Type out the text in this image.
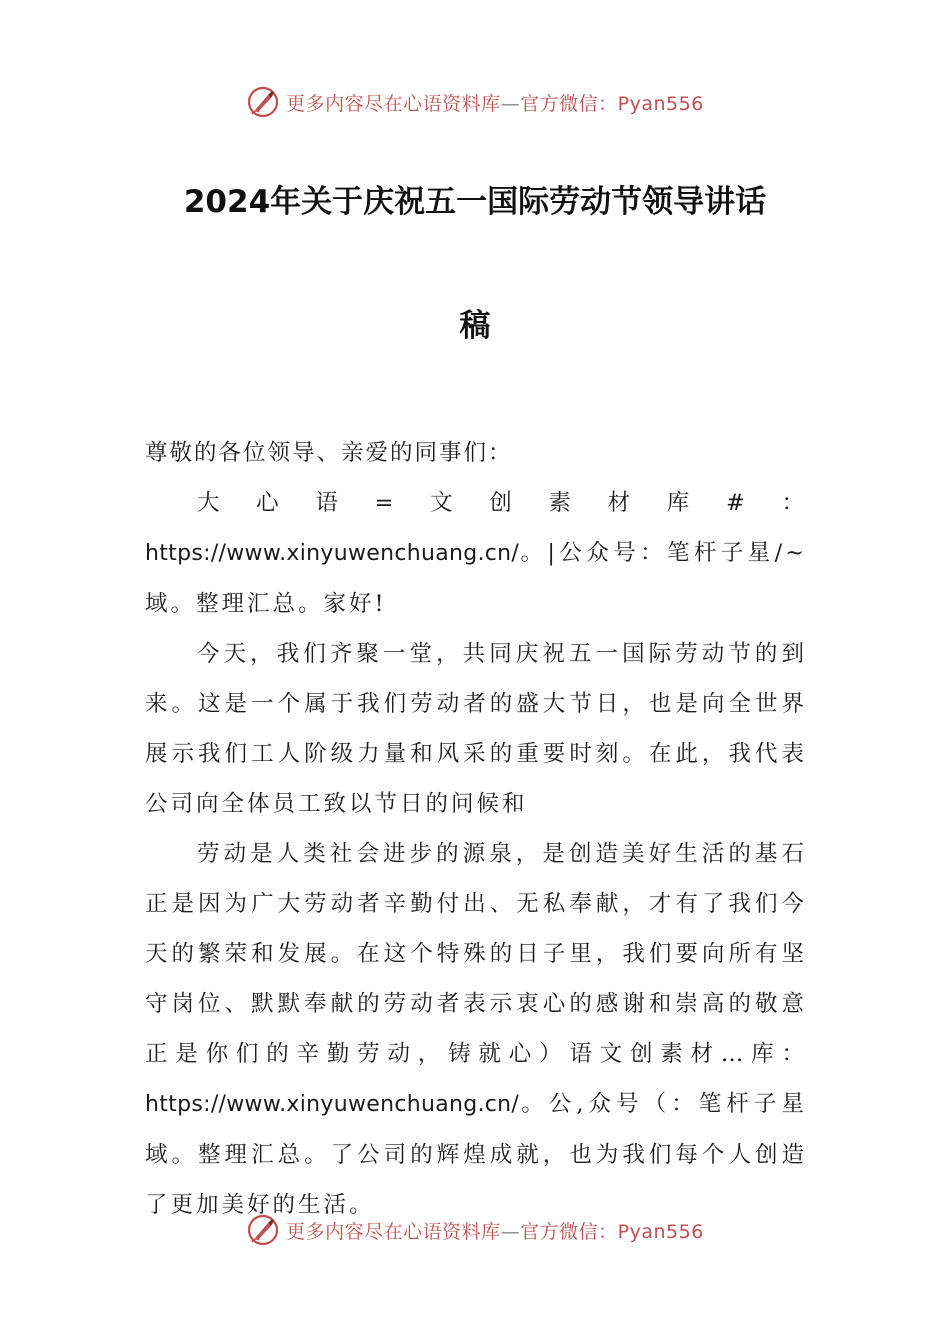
更多内容尽在心语资料库—官方微信：Pyan556
2024年关于庆祝五一国际劳动节领导讲话
稿

尊敬的各位领导、亲爱的同事们：

大心语=文创素材库#：https://www.xinyuwenchuang.cn/。|公众号：笔杆子星/~域。整理汇总。家好!

今天，我们齐聚一堂，共同庆祝五一国际劳动节的到来。这是一个属于我们劳动者的盛大节日，也是向全世界展示我们工人阶级力量和风采的重要时刻。在此，我代表公司向全体员工致以节日的问候和

劳动是人类社会进步的源泉，是创造美好生活的基石正是因为广大劳动者辛勤付出、无私奉献，才有了我们今天的繁荣和发展。在这个特殊的日子里，我们要向所有坚守岗位、默默奉献的劳动者表示衷心的感谢和崇高的敬意正是你们的辛勤劳动，铸就心）语文创素材…库：https://www.xinyuwenchuang.cn/。公,众号（：笔杆子星域。整理汇总。了公司的辉煌成就，也为我们每个人创造了更加美好的生活。

更多内容尽在心语资料库—官方微信：Pyan556
